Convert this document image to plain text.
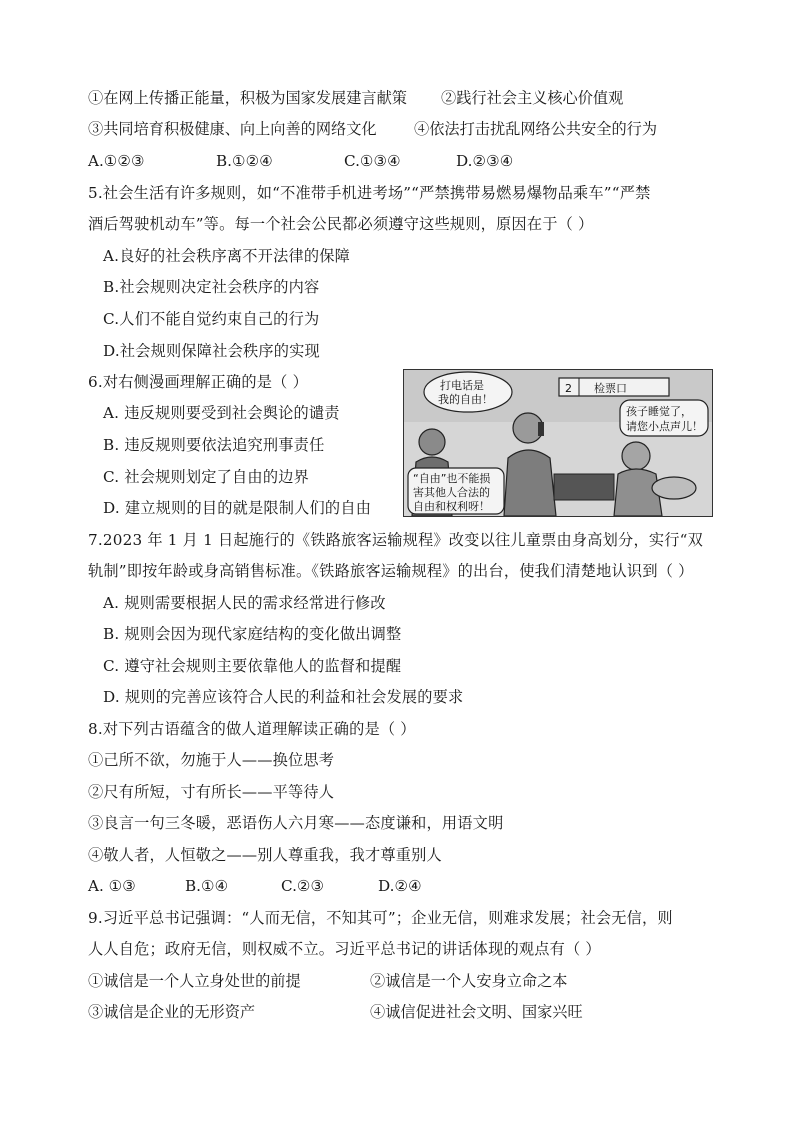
①在网上传播正能量，积极为国家发展建言献策 ②践行社会主义核心价值观
③共同培育积极健康、向上向善的网络文化 ④依法打击扰乱网络公共安全的行为
A.①②③	B.①②④	C.①③④	D.②③④
5.社会生活有许多规则，如“不准带手机进考场”“严禁携带易燃易爆物品乘车”“严禁
酒后驾驶机动车”等。每一个社会公民都必须遵守这些规则，原因在于（ ）
A.良好的社会秩序离不开法律的保障
B.社会规则决定社会秩序的内容
C.人们不能自觉约束自己的行为
D.社会规则保障社会秩序的实现
6.对右侧漫画理解正确的是（ ）
A. 违反规则要受到社会舆论的谴责
B. 违反规则要依法追究刑事责任
C. 社会规则划定了自由的边界
D. 建立规则的目的就是限制人们的自由
2 检票口
打电话是
我的自由！
孩子睡觉了，
请您小点声儿！
“自由”也不能损
害其他人合法的
自由和权利呀！
7.2023 年 1 月 1 日起施行的《铁路旅客运输规程》改变以往儿童票由身高划分，实行“双
轨制”即按年龄或身高销售标准。《铁路旅客运输规程》的出台，使我们清楚地认识到（ ）
A. 规则需要根据人民的需求经常进行修改
B. 规则会因为现代家庭结构的变化做出调整
C. 遵守社会规则主要依靠他人的监督和提醒
D. 规则的完善应该符合人民的利益和社会发展的要求
8.对下列古语蕴含的做人道理解读正确的是（ ）
①己所不欲，勿施于人——换位思考
②尺有所短，寸有所长——平等待人
③良言一句三冬暖，恶语伤人六月寒——态度谦和，用语文明
④敬人者，人恒敬之——别人尊重我，我才尊重别人
A. ①③	B.①④	C.②③	D.②④
9.习近平总书记强调：“人而无信，不知其可”；企业无信，则难求发展；社会无信，则
人人自危；政府无信，则权威不立。习近平总书记的讲话体现的观点有（ ）
①诚信是一个人立身处世的前提	②诚信是一个人安身立命之本
③诚信是企业的无形资产	④诚信促进社会文明、国家兴旺
